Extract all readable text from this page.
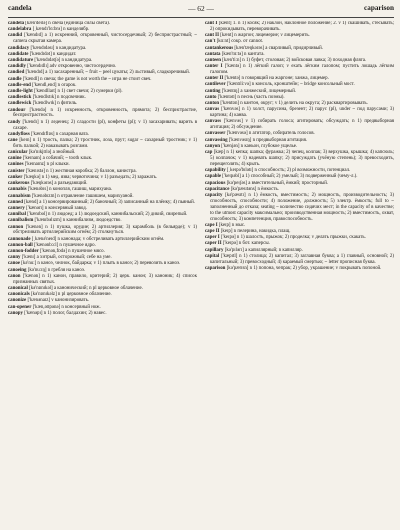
candela	— 62 —	caparison

candela [kæn'deɪlə] n свеча (единица силы света).

candelabra [ˌkændɪ'lɑ:brə] n канделябр.

candid ['kændɪd] a 1) искренний, откровенный, чистосердечный; 2) беспристрастный; ~ camera скрытая камера.

candidacy ['kændɪdəsɪ] n кандидатура.

candidate ['kændɪdət] n кандидат.

candidature ['kændɪdətʃə] n кандидатура.

candidly ['kændɪdlɪ] adv откровенно, чистосердечно.

candied ['kændɪd] a 1) засахаренный; ~ fruit ~ peel цукаты; 2) льстивый, сладкоречивый.

candle ['kændl] n свеча; the game is not worth the ~ игра не стоит свеч.

candle-end ['kændl,end] n огарок.

candle-light ['kændllaɪt] n 1) свет свечи; 2) сумерки (pl).

candlestick ['kændlstɪk] n подсвечник.

candlewick ['kændlwɪk] n фитиль.

candour ['kændə] n 1) искренность, откровенность, прямота; 2) беспристрастие, беспристрастность.

candy ['kændɪ] n 1) леденец; 2) сладости (pl), конфеты (pl); v 1) засахаривать; варить в сахаре.

candyfloss ['kændɪflɒs] n сахарная вата.

cane [keɪn] n 1) трость, палка; 2) тростник, лоза, прут; sugar ~ сахарный тростник; v 1) бить палкой; 2) наказывать розгами.

canicular [kə'nɪkjʊlə] a знойный.

canine ['keɪnaɪn] a собачий; ~ tooth клык.

canines ['keɪnaɪnz] n pl клыки.

canister ['kænɪstə] n 1) жестяная коробка; 2) баллон, канистра.

canker ['kæŋkə] n 1) мед. язва; червоточина; v 1) разъедать; 2) заражать.

cankerous ['kæŋkərəs] a разъедающий.

cannabis ['kænəbɪs] n конопля, гашиш, марихуана.

cannabism ['kænəbɪzm] n отравление гашишем, марихуаной.

canned [kænd] a 1) консервированный; 2) баночный; 3) записанный на плёнку; 4) пьяный.

cannery ['kænərɪ] n консервный завод.

cannibal ['kænɪbəl] n 1) людоед; a 1) людоедский, каннибальский; 2) дикий, свирепый.

cannibalism ['kænɪbəlɪzm] n каннибализм, людоедство.

cannon ['kænən] n 1) пушка, орудие; 2) артиллерия; 3) карамболь (в бильярде); v 1) обстреливать артиллерийским огнём; 2) столкнуться.

cannonade [ˌkænə'neɪd] n канонада; v обстреливать артиллерийским огнём.

cannon-ball ['kænənbɔ:l] n пушечное ядро.

cannon-fodder ['kænən,fɒdə] n пушечное мясо.

canny ['kænɪ] a хитрый, осторожный; себе на уме.

canoe [kə'nu:] n каноэ, челнок, байдарка; v 1) плыть в каноэ; 2) перевозить в каноэ.

canoeing [kə'nu:ɪŋ] n гребля на каноэ.

canon ['kænən] n 1) канон, правило, критерий; 2) церк. канон; 3) каноник; 4) список признанных святых.

canonical [kə'nɒnɪkəl] a канонический; n pl церковное облачение.

canonicals [kə'nɒnɪkəlz] n pl церковное облачение.

canonize ['kænənaɪz] v канонизировать.

can-opener ['kæn,əʊpənə] n консервный нож.

canopy ['kænəpɪ] n 1) полог, балдахин; 2) навес.

cant I [kænt] 1. n 1) косяк; 2) наклон, наклонное положение; 2. v 1) скашивать, стёсывать; 2) опрокидывать, переворачивать.

cant II [kænt] n жаргон; лицемерие; v лицемерить.

can't [kɑ:nt] сокр. от cannot.

cantankerous [kæn'tæŋkərəs] a сварливый, придирчивый.

cantata [kæn'tɑ:tə] n кантата.

canteen [kæn'ti:n] n 1) буфет, столовая; 2) войсковая лавка; 3) походная фляга.

canter I ['kæntə] n 1) лёгкий галоп; v ехать лёгким галопом; пустить лошадь лёгким галопом.

canter II ['kæntə] n говорящий на жаргоне; ханжа, лицемер.

cantilever ['kæntɪli:və] n консоль, кронштейн; ~ bridge консольный мост.

canting ['kæntɪŋ] a ханжеский, лицемерный.

canto ['kæntəʊ] n песнь (часть поэмы).

canton ['kæntɒn] n кантон, округ; v 1) делить на округа; 2) расквартировывать.

canvas ['kænvəs] n 1) холст, парусина, брезент; 2) парус (pl), under ~ под парусами; 3) картина; 4) канва.

canvass ['kænvəs] v 1) собирать голоса; агитировать; обсуждать; n 1) предвыборная агитация; 2) обсуждение.

canvasser ['kænvəsə] n агитатор, собиратель голосов.

canvassing ['kænvəsɪŋ] n предвыборная агитация.

canyon ['kænjən] n каньон, глубокое ущелье.

cap [kæp] n 1) кепка; шапка; фуражка; 2) чепец, колпак; 3) верхушка, крышка; 4) капсюль; 5) колпачок; v 1) надевать шапку; 2) присуждать (учёную степень); 3) превосходить, перещеголять; 4) крыть.

capability [ˌkeɪpə'bɪlətɪ] n способность; 2) pl возможности, потенциал.

capable ['keɪpəbl] a 1) способный; 2) умелый; 3) подверженный (чему-л.).

capacious [kə'peɪʃəs] a вместительный, ёмкий; просторный.

capacitance [kə'pæsɪtəns] n ёмкость.

capacity [kə'pæsɪtɪ] n 1) ёмкость, вместимость; 2) мощность, производительность; 3) способность, способности; 4) положение, должность; 5) электр. ёмкость; full to ~ заполненный до отказа; seating ~ количество сидячих мест; in the capacity of в качестве; to the utmost capacity максимально; производственная мощность; 2) вместимость, охват, способность; 3) компетенция, правоспособность.

cape I [keɪp] n мыс.

cape II [keɪp] n пелерина, накидка, плащ.

caper I ['keɪpə] n 1) шалость, прыжок; 2) проделка; v делать прыжки, скакать.

caper II ['keɪpə] n бот. каперсы.

capillary [kə'pɪlərɪ] a капиллярный; n капилляр.

capital ['kæpɪtl] n 1) столица; 2) капитал; 3) заглавная буква; a 1) главный, основной; 2) капитальный; 3) превосходный; 4) караемый смертью; ~ letter прописная буква.

caparison [kə'pærɪsn] n 1) попона, чепрак; 2) убор, украшение; v покрывать попоной.
